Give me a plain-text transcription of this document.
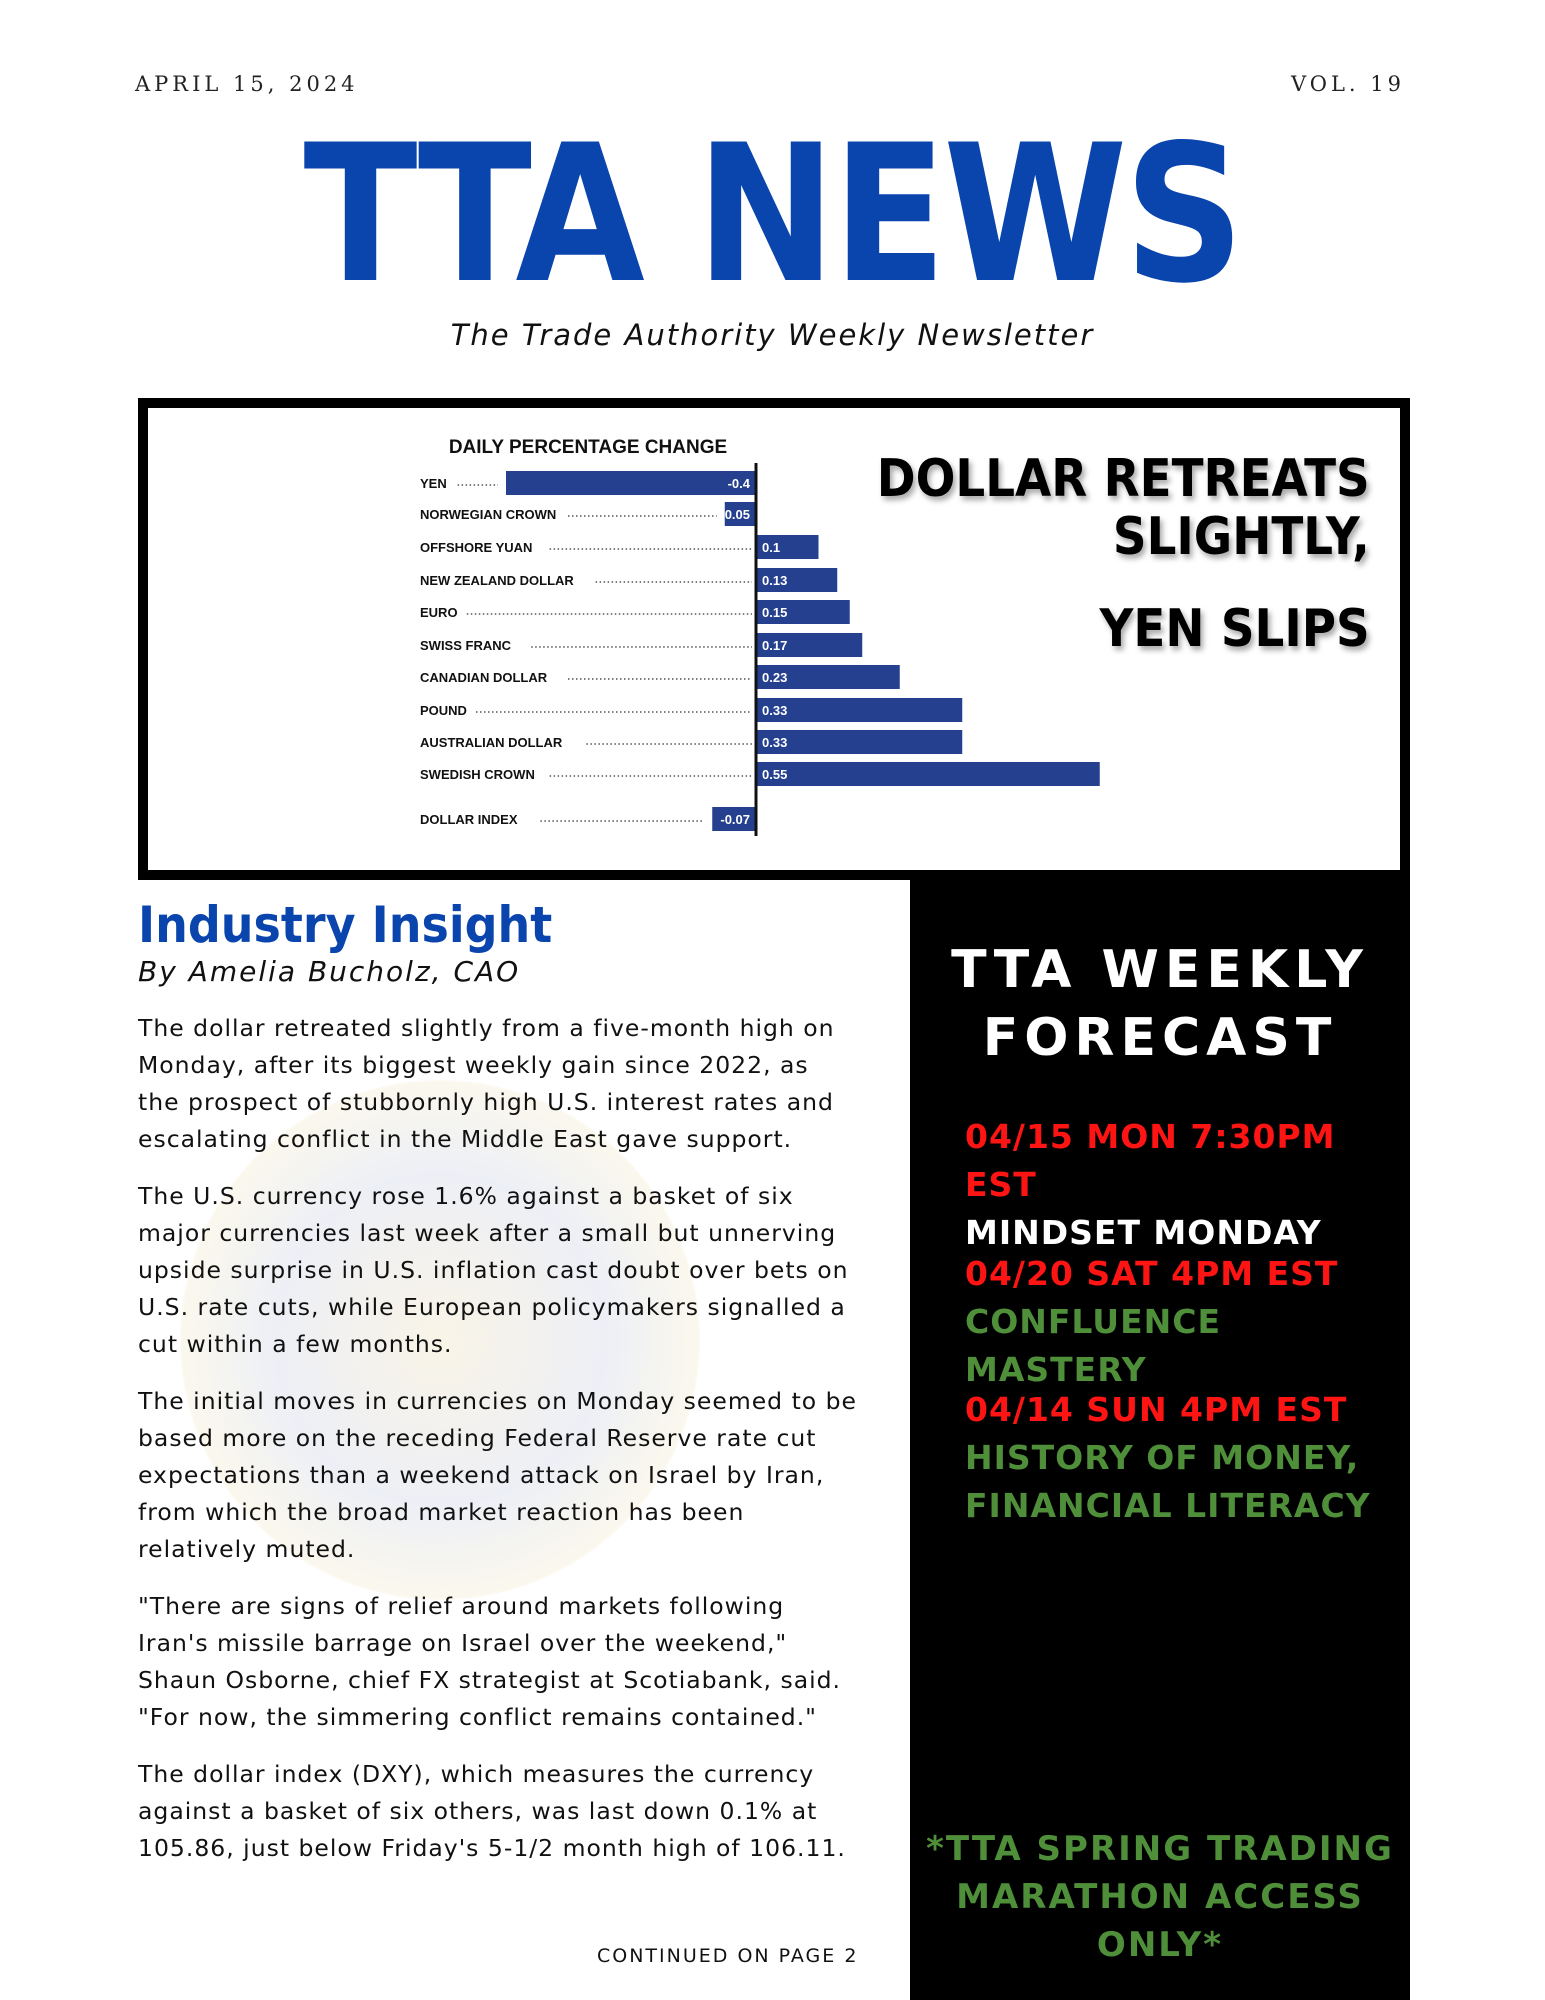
APRIL 15, 2024	VOL. 19
TTA NEWS
The Trade Authority Weekly Newsletter
DAILY PERCENTAGE CHANGE
YEN	-0.4
NORWEGIAN CROWN	-0.05
OFFSHORE YUAN	0.1
NEW ZEALAND DOLLAR	0.13
EURO	0.15
SWISS FRANC	0.17
CANADIAN DOLLAR	0.23
POUND	0.33
AUSTRALIAN DOLLAR	0.33
SWEDISH CROWN	0.55
DOLLAR INDEX	-0.07
DOLLAR RETREATS
SLIGHTLY,
YEN SLIPS
Industry Insight

By Amelia Bucholz, CAO

The dollar retreated slightly from a five-month high on Monday, after its biggest weekly gain since 2022, as the prospect of stubbornly high U.S. interest rates and escalating conflict in the Middle East gave support.

The U.S. currency rose 1.6% against a basket of six major currencies last week after a small but unnerving upside surprise in U.S. inflation cast doubt over bets on U.S. rate cuts, while European policymakers signalled a cut within a few months.

The initial moves in currencies on Monday seemed to be based more on the receding Federal Reserve rate cut expectations than a weekend attack on Israel by Iran, from which the broad market reaction has been relatively muted.

"There are signs of relief around markets following Iran's missile barrage on Israel over the weekend," Shaun Osborne, chief FX strategist at Scotiabank, said. "For now, the simmering conflict remains contained."

The dollar index (DXY), which measures the currency against a basket of six others, was last down 0.1% at 105.86, just below Friday's 5-1/2 month high of 106.11.

CONTINUED ON PAGE 2
TTA WEEKLY
FORECAST
04/15 MON 7:30PM EST
MINDSET MONDAY
04/20 SAT 4PM EST
CONFLUENCE MASTERY
04/14 SUN 4PM EST
HISTORY OF MONEY,
FINANCIAL LITERACY
*TTA SPRING TRADING
MARATHON ACCESS
ONLY*
